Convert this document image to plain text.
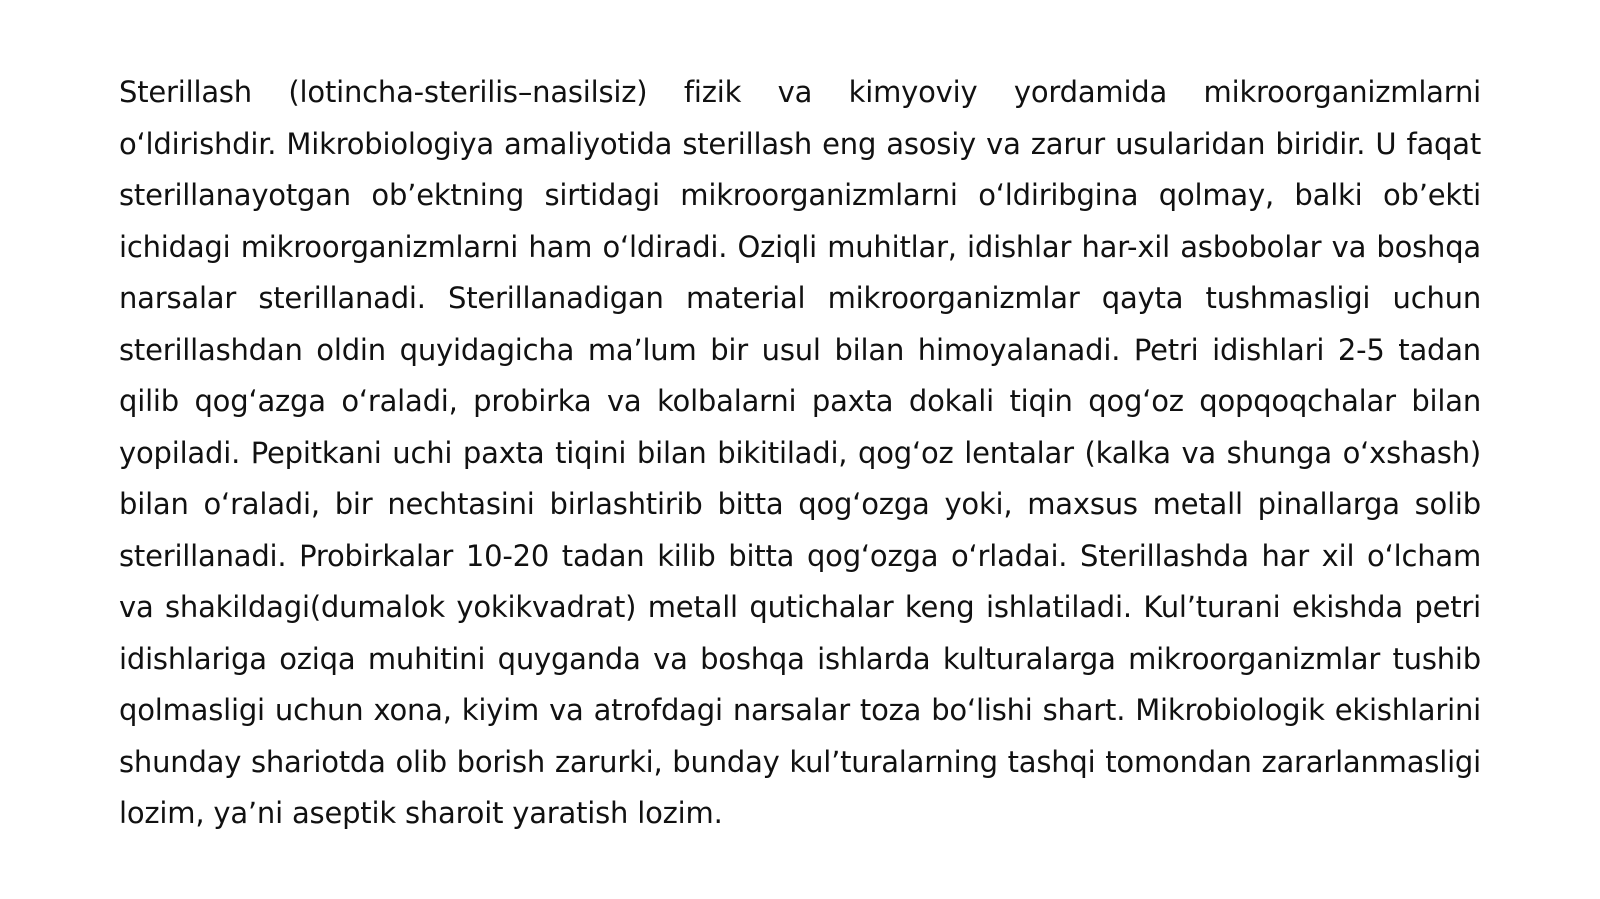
Sterillash (lotincha-sterilis–nasilsiz) fizik va kimyoviy yordamida mikroorganizmlarni oʻldirishdir. Mikrobiologiya amaliyotida sterillash eng asosiy va zarur usularidan biridir. U faqat sterillanayotgan obʼektning sirtidagi mikroorganizmlarni oʻldiribgina qolmay, balki obʼekti ichidagi mikroorganizmlarni ham oʻldiradi. Oziqli muhitlar, idishlar har-xil asbobolar va boshqa narsalar sterillanadi. Sterillanadigan material mikroorganizmlar qayta tushmasligi uchun sterillashdan oldin quyidagicha maʼlum bir usul bilan himoyalanadi. Petri idishlari 2-5 tadan qilib qogʻazga oʻraladi, probirka va kolbalarni paxta dokali tiqin qogʻoz qopqoqchalar bilan yopiladi. Pepitkani uchi paxta tiqini bilan bikitiladi, qogʻoz lentalar (kalka va shunga oʻxshash) bilan oʻraladi, bir nechtasini birlashtirib bitta qogʻozga yoki, maxsus metall pinallarga solib sterillanadi. Probirkalar 10-20 tadan kilib bitta qogʻozga oʻrladai. Sterillashda har xil oʻlcham va shakildagi(dumalok yokikvadrat) metall qutichalar keng ishlatiladi. Kulʼturani ekishda petri idishlariga oziqa muhitini quyganda va boshqa ishlarda kulturalarga mikroorganizmlar tushib qolmasligi uchun xona, kiyim va atrofdagi narsalar toza boʻlishi shart. Mikrobiologik ekishlarini shunday shariotda olib borish zarurki, bunday kulʼturalarning tashqi tomondan zararlanmasligi lozim, yaʼni aseptik sharoit yaratish lozim.
